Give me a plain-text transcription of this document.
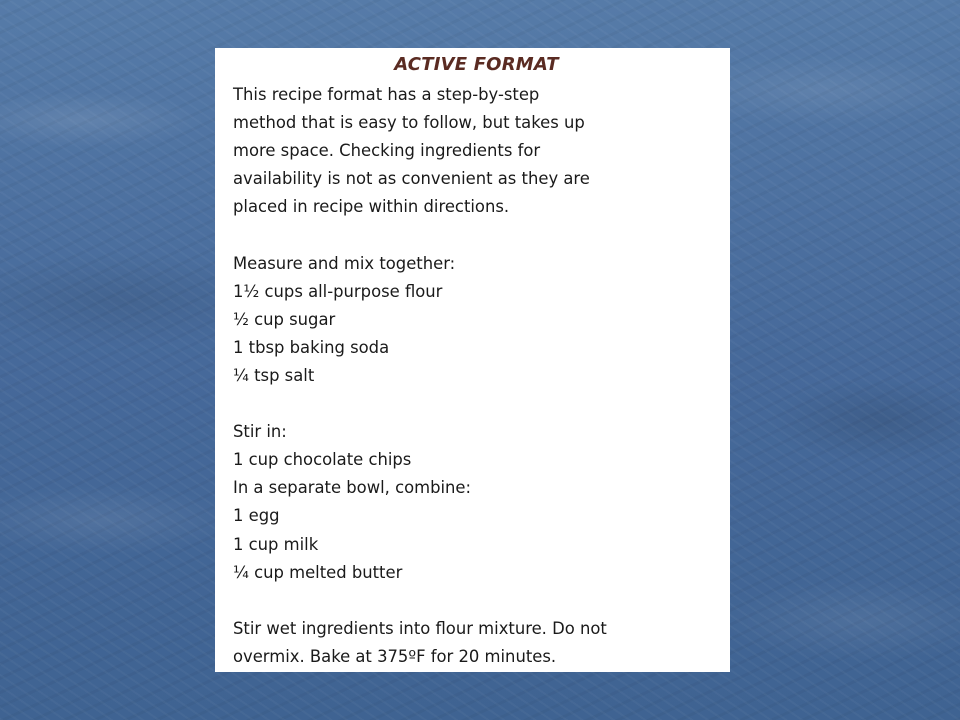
ACTIVE FORMAT
This recipe format has a step-by-step
method that is easy to follow, but takes up
more space. Checking ingredients for
availability is not as convenient as they are
placed in recipe within directions.
Measure and mix together:
1½ cups all-purpose flour
½ cup sugar
1 tbsp baking soda
¼ tsp salt
Stir in:
1 cup chocolate chips
In a separate bowl, combine:
1 egg
1 cup milk
¼ cup melted butter
Stir wet ingredients into flour mixture. Do not
overmix. Bake at 375ºF for 20 minutes.
